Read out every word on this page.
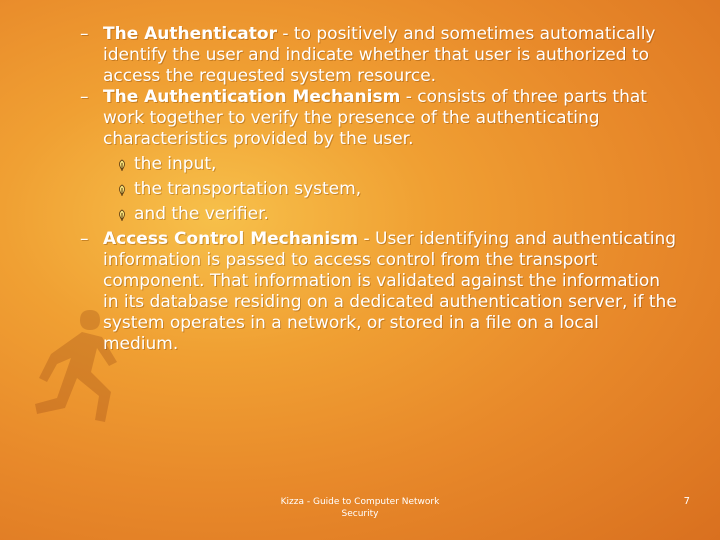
– The Authenticator - to positively and sometimes automatically identify the user and indicate whether that user is authorized to access the requested system resource.
– The Authentication Mechanism - consists of three parts that work together to verify the presence of the authenticating characteristics provided by the user.
the input,
the transportation system,
and the verifier.
– Access Control Mechanism - User identifying and authenticating information is passed to access control from the transport component. That information is validated against the information in its database residing on a dedicated authentication server, if the system operates in a network, or stored in a file on a local medium.
Kizza - Guide to Computer Network
Security
7
